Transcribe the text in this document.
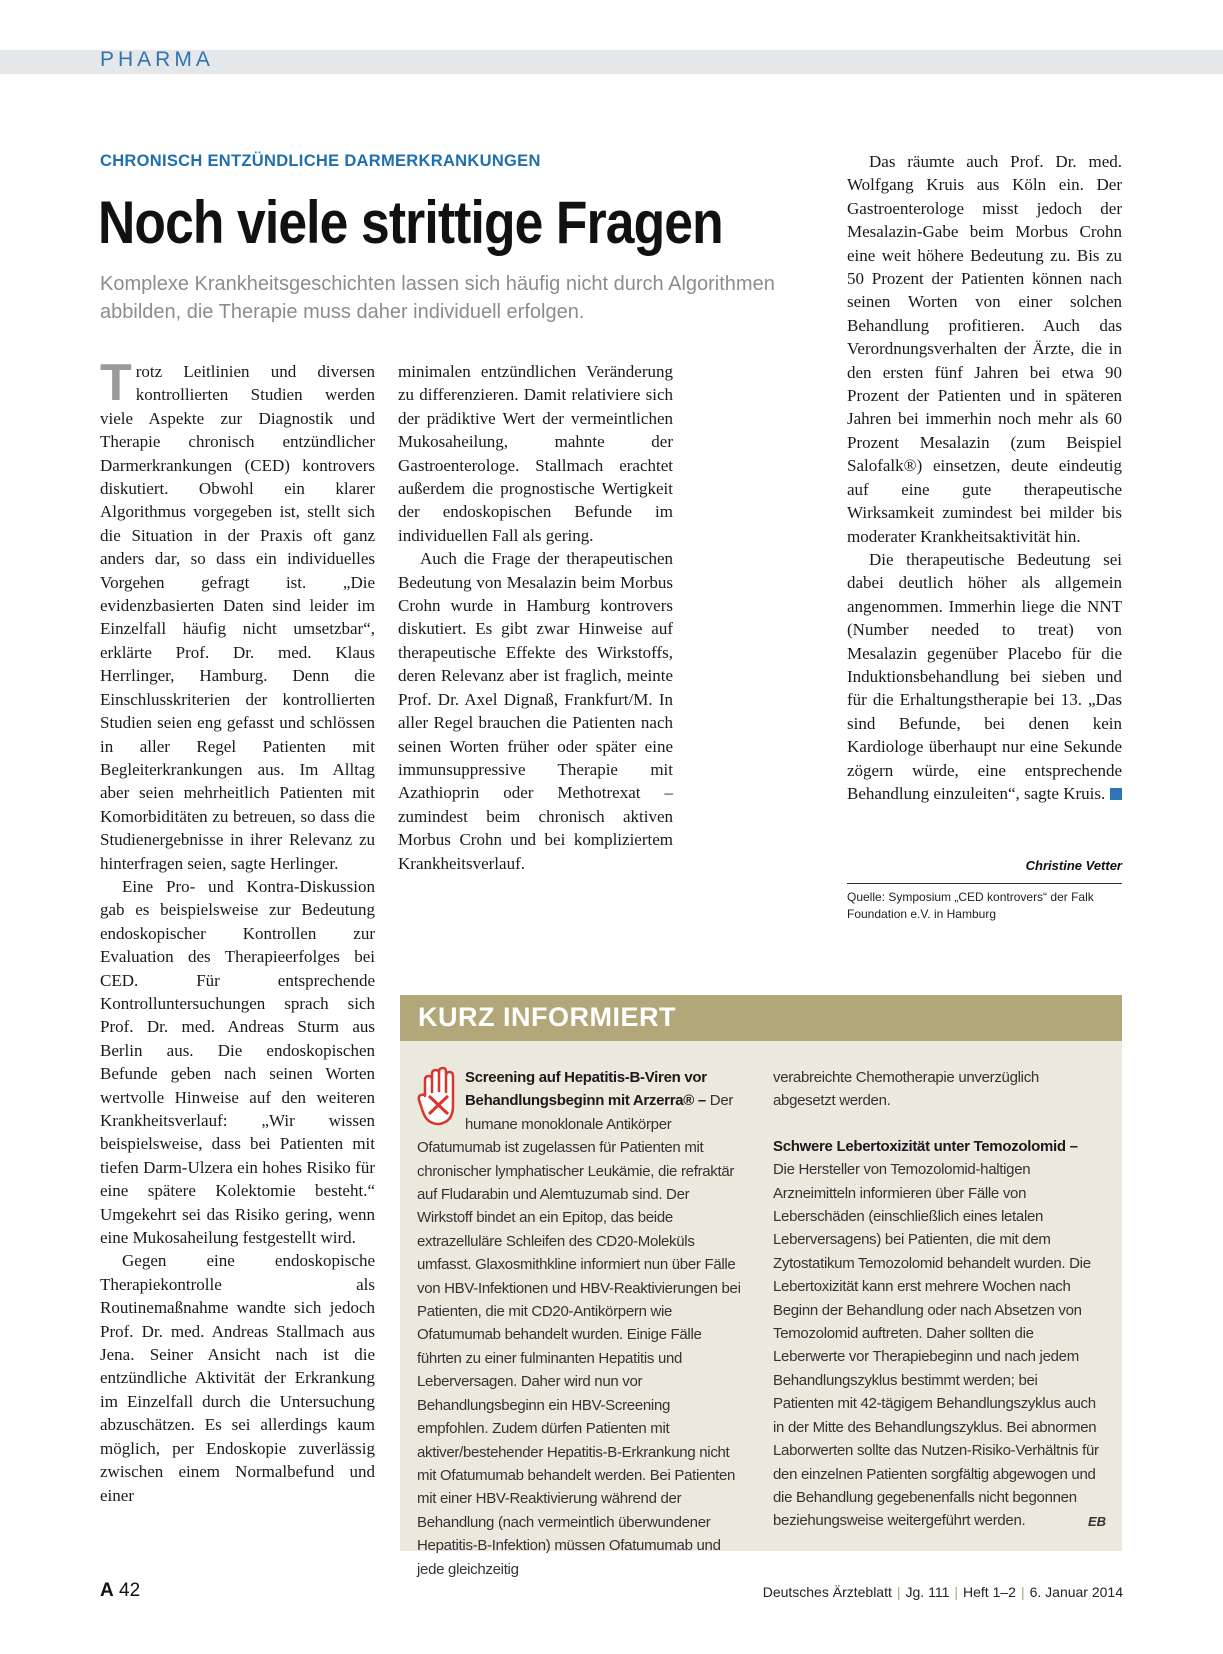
PHARMA
CHRONISCH ENTZÜNDLICHE DARMERKRANKUNGEN
Noch viele strittige Fragen
Komplexe Krankheitsgeschichten lassen sich häufig nicht durch Algorithmen abbilden, die Therapie muss daher individuell erfolgen.

Trotz Leitlinien und diversen kontrollierten Studien werden viele Aspekte zur Diagnostik und Therapie chronisch entzündlicher Darmerkrankungen (CED) kontrovers diskutiert. Obwohl ein klarer Algorithmus vorgegeben ist, stellt sich die Situation in der Praxis oft ganz anders dar, so dass ein individuelles Vorgehen gefragt ist. „Die evidenzbasierten Daten sind leider im Einzelfall häufig nicht umsetzbar“, erklärte Prof. Dr. med. Klaus Herrlinger, Hamburg. Denn die Einschlusskriterien der kontrollierten Studien seien eng gefasst und schlössen in aller Regel Patienten mit Begleiterkrankungen aus. Im Alltag aber seien mehrheitlich Patienten mit Komorbiditäten zu betreuen, so dass die Studienergebnisse in ihrer Relevanz zu hinterfragen seien, sagte Herlinger.

Eine Pro- und Kontra-Diskussion gab es beispielsweise zur Bedeutung endoskopischer Kontrollen zur Evaluation des Therapieerfolges bei CED. Für entsprechende Kontrolluntersuchungen sprach sich Prof. Dr. med. Andreas Sturm aus Berlin aus. Die endoskopischen Befunde geben nach seinen Worten wertvolle Hinweise auf den weiteren Krankheitsverlauf: „Wir wissen beispielsweise, dass bei Patienten mit tiefen Darm-Ulzera ein hohes Risiko für eine spätere Kolektomie besteht.“ Umgekehrt sei das Risiko gering, wenn eine Mukosaheilung festgestellt wird.

Gegen eine endoskopische Therapiekontrolle als Routinemaßnahme wandte sich jedoch Prof. Dr. med. Andreas Stallmach aus Jena. Seiner Ansicht nach ist die entzündliche Aktivität der Erkrankung im Einzelfall durch die Untersuchung abzuschätzen. Es sei allerdings kaum möglich, per Endoskopie zuverlässig zwischen einem Normalbefund und einer

minimalen entzündlichen Veränderung zu differenzieren. Damit relativiere sich der prädiktive Wert der vermeintlichen Mukosaheilung, mahnte der Gastroenterologe. Stallmach erachtet außerdem die prognostische Wertigkeit der endoskopischen Befunde im individuellen Fall als gering.

Auch die Frage der therapeutischen Bedeutung von Mesalazin beim Morbus Crohn wurde in Hamburg kontrovers diskutiert. Es gibt zwar Hinweise auf therapeutische Effekte des Wirkstoffs, deren Relevanz aber ist fraglich, meinte Prof. Dr. Axel Dignaß, Frankfurt/M. In aller Regel brauchen die Patienten nach seinen Worten früher oder später eine immunsuppressive Therapie mit Azathioprin oder Methotrexat – zumindest beim chronisch aktiven Morbus Crohn und bei kompliziertem Krankheitsverlauf.

Das räumte auch Prof. Dr. med. Wolfgang Kruis aus Köln ein. Der Gastroenterologe misst jedoch der Mesalazin-Gabe beim Morbus Crohn eine weit höhere Bedeutung zu. Bis zu 50 Prozent der Patienten können nach seinen Worten von einer solchen Behandlung profitieren. Auch das Verordnungsverhalten der Ärzte, die in den ersten fünf Jahren bei etwa 90 Prozent der Patienten und in späteren Jahren bei immerhin noch mehr als 60 Prozent Mesalazin (zum Beispiel Salofalk®) einsetzen, deute eindeutig auf eine gute therapeutische Wirksamkeit zumindest bei milder bis moderater Krankheitsaktivität hin.

Die therapeutische Bedeutung sei dabei deutlich höher als allgemein angenommen. Immerhin liege die NNT (Number needed to treat) von Mesalazin gegenüber Placebo für die Induktionsbehandlung bei sieben und für die Erhaltungstherapie bei 13. „Das sind Befunde, bei denen kein Kardiologe überhaupt nur eine Sekunde zögern würde, eine entsprechende Behandlung einzuleiten“, sagte Kruis.

Christine Vetter
Quelle: Symposium „CED kontrovers“ der Falk Foundation e.V. in Hamburg
KURZ INFORMIERT

Screening auf Hepatitis-B-Viren vor Behandlungsbeginn mit Arzerra® – Der humane monoklonale Antikörper Ofatumumab ist zugelassen für Patienten mit chronischer lymphatischer Leukämie, die refraktär auf Fludarabin und Alemtuzumab sind. Der Wirkstoff bindet an ein Epitop, das beide extrazelluläre Schleifen des CD20-Moleküls umfasst. Glaxosmithkline informiert nun über Fälle von HBV-Infektionen und HBV-Reaktivierungen bei Patienten, die mit CD20-Antikörpern wie Ofatumumab behandelt wurden. Einige Fälle führten zu einer fulminanten Hepatitis und Leberversagen. Daher wird nun vor Behandlungsbeginn ein HBV-Screening empfohlen. Zudem dürfen Patienten mit aktiver/bestehender Hepatitis-B-Erkrankung nicht mit Ofatumumab behandelt werden. Bei Patienten mit einer HBV-Reaktivierung während der Behandlung (nach vermeintlich überwundener Hepatitis-B-Infektion) müssen Ofatumumab und jede gleichzeitig

verabreichte Chemotherapie unverzüglich abgesetzt werden.

Schwere Lebertoxizität unter Temozolomid – Die Hersteller von Temozolomid-haltigen Arzneimitteln informieren über Fälle von Leberschäden (einschließlich eines letalen Leberversagens) bei Patienten, die mit dem Zytostatikum Temozolomid behandelt wurden. Die Lebertoxizität kann erst mehrere Wochen nach Beginn der Behandlung oder nach Absetzen von Temozolomid auftreten. Daher sollten die Leberwerte vor Therapiebeginn und nach jedem Behandlungszyklus bestimmt werden; bei Patienten mit 42-tägigem Behandlungszyklus auch in der Mitte des Behandlungszyklus. Bei abnormen Laborwerten sollte das Nutzen-Risiko-Verhältnis für den einzelnen Patienten sorgfältig abgewogen und die Behandlung gegebenenfalls nicht begonnen beziehungsweise weitergeführt werden.	EB
A 42	Deutsches Ärzteblatt | Jg. 111 | Heft 1–2 | 6. Januar 2014
